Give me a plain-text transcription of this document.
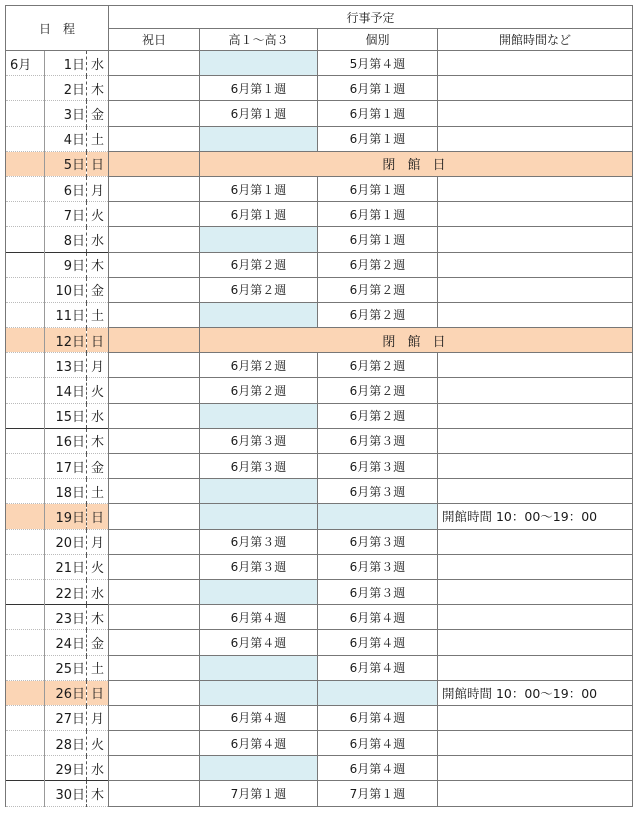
日　程			行事予定			
			祝日	高１～高３	個別	開館時間など
6月	1日	水			5月第４週	
	2日	木		6月第１週	6月第１週	
	3日	金		6月第１週	6月第１週	
	4日	土			6月第１週	
	5日	日		閉 館 日		
	6日	月		6月第１週	6月第１週	
	7日	火		6月第１週	6月第１週	
	8日	水			6月第１週	
	9日	木		6月第２週	6月第２週	
	10日	金		6月第２週	6月第２週	
	11日	土			6月第２週	
	12日	日		閉 館 日		
	13日	月		6月第２週	6月第２週	
	14日	火		6月第２週	6月第２週	
	15日	水			6月第２週	
	16日	木		6月第３週	6月第３週	
	17日	金		6月第３週	6月第３週	
	18日	土			6月第３週	
	19日	日				開館時間 10：00～19：00
	20日	月		6月第３週	6月第３週	
	21日	火		6月第３週	6月第３週	
	22日	水			6月第３週	
	23日	木		6月第４週	6月第４週	
	24日	金		6月第４週	6月第４週	
	25日	土			6月第４週	
	26日	日				開館時間 10：00～19：00
	27日	月		6月第４週	6月第４週	
	28日	火		6月第４週	6月第４週	
	29日	水			6月第４週	
	30日	木		7月第１週	7月第１週	
